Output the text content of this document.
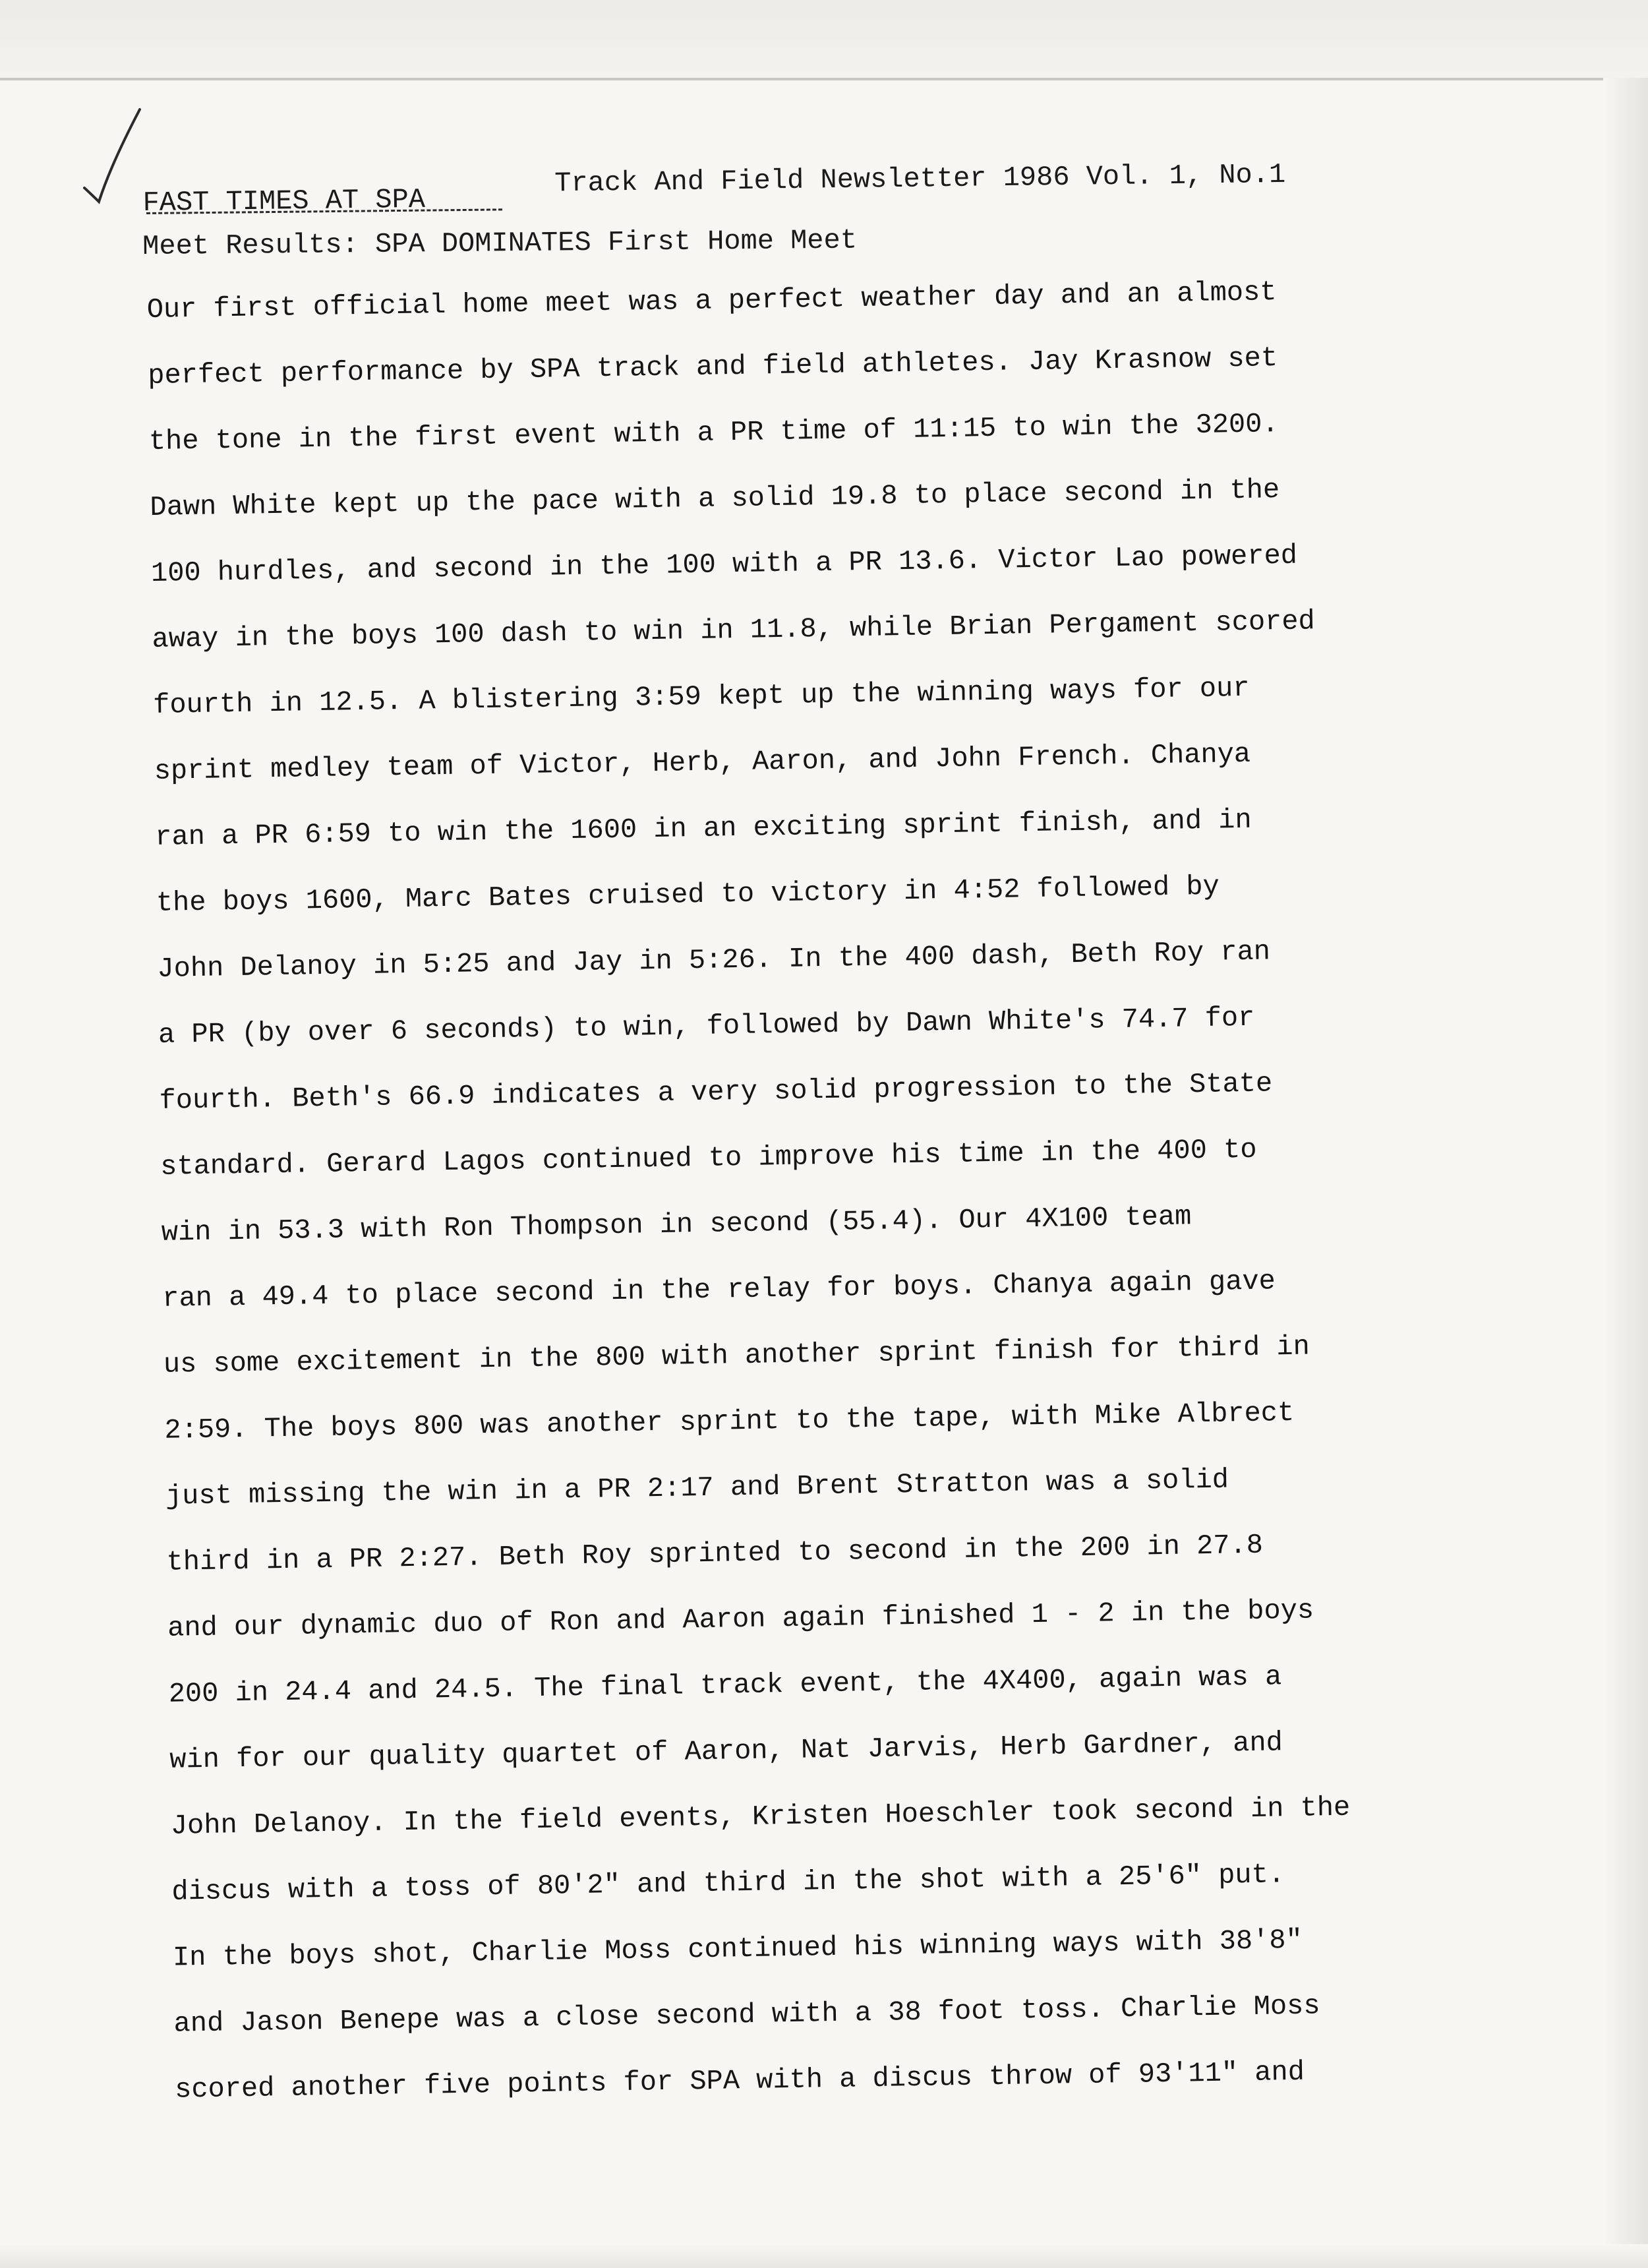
FAST TIMES AT SPA
Track And Field Newsletter 1986 Vol. 1, No.1
Meet Results: SPA DOMINATES First Home Meet
Our first official home meet was a perfect weather day and an almost
perfect performance by SPA track and field athletes. Jay Krasnow set
the tone in the first event with a PR time of 11:15 to win the 3200.
Dawn White kept up the pace with a solid 19.8 to place second in the
100 hurdles, and second in the 100 with a PR 13.6. Victor Lao powered
away in the boys 100 dash to win in 11.8, while Brian Pergament scored
fourth in 12.5. A blistering 3:59 kept up the winning ways for our
sprint medley team of Victor, Herb, Aaron, and John French. Chanya
ran a PR 6:59 to win the 1600 in an exciting sprint finish, and in
the boys 1600, Marc Bates cruised to victory in 4:52 followed by
John Delanoy in 5:25 and Jay in 5:26. In the 400 dash, Beth Roy ran
a PR (by over 6 seconds) to win, followed by Dawn White's 74.7 for
fourth. Beth's 66.9 indicates a very solid progression to the State
standard. Gerard Lagos continued to improve his time in the 400 to
win in 53.3 with Ron Thompson in second (55.4). Our 4X100 team
ran a 49.4 to place second in the relay for boys. Chanya again gave
us some excitement in the 800 with another sprint finish for third in
2:59. The boys 800 was another sprint to the tape, with Mike Albrect
just missing the win in a PR 2:17 and Brent Stratton was a solid
third in a PR 2:27. Beth Roy sprinted to second in the 200 in 27.8
and our dynamic duo of Ron and Aaron again finished 1 - 2 in the boys
200 in 24.4 and 24.5. The final track event, the 4X400, again was a
win for our quality quartet of Aaron, Nat Jarvis, Herb Gardner, and
John Delanoy. In the field events, Kristen Hoeschler took second in the
discus with a toss of 80'2" and third in the shot with a 25'6" put.
In the boys shot, Charlie Moss continued his winning ways with 38'8"
and Jason Benepe was a close second with a 38 foot toss. Charlie Moss
scored another five points for SPA with a discus throw of 93'11" and
